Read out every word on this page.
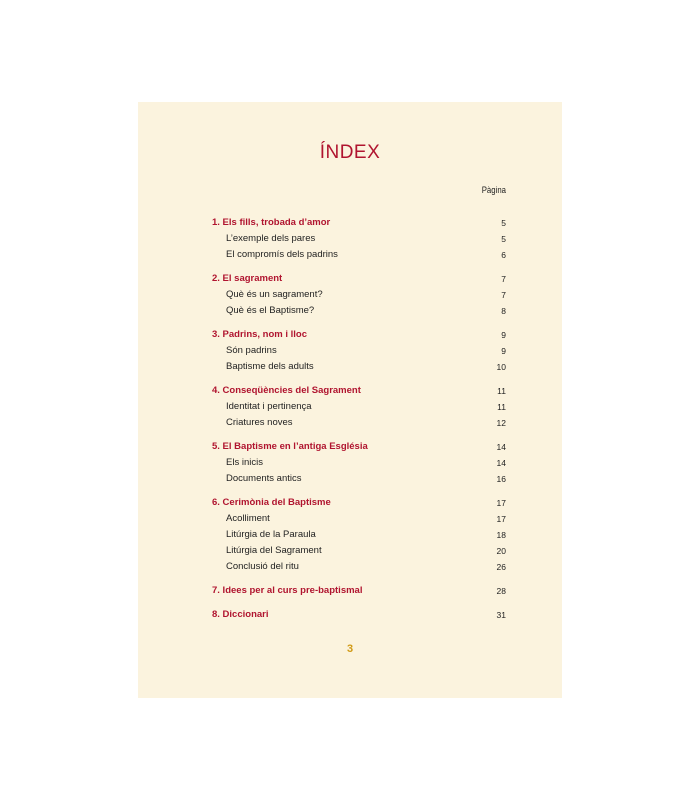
ÍNDEX
Pàgina
1. Els fills, trobada d’amor	5
L’exemple dels pares	5
El compromís dels padrins	6
2. El sagrament	7
Què és un sagrament?	7
Què és el Baptisme?	8
3. Padrins, nom i lloc	9
Són padrins	9
Baptisme dels adults	10
4. Conseqüències del Sagrament	11
Identitat i pertinença	11
Criatures noves	12
5. El Baptisme en l’antiga Església	14
Els inicis	14
Documents antics	16
6. Cerimònia del Baptisme	17
Acolliment	17
Litúrgia de la Paraula	18
Litúrgia del Sagrament	20
Conclusió del ritu	26
7. Idees per al curs pre-baptismal	28
8. Diccionari	31
3
